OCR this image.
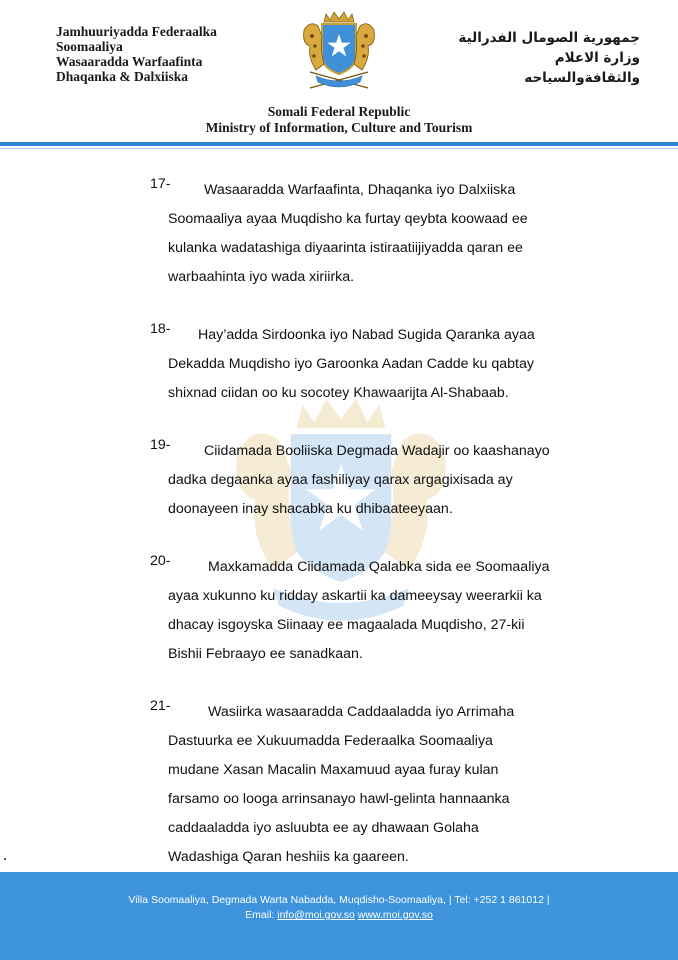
Jamhuuriyadda Federaalka
Soomaaliya
Wasaaradda Warfaafinta
Dhaqanka & Dalxiiska
جمهورية الصومال الفدرالية
وزارة الاعلام
والثقافةوالسياحه
Somali Federal Republic
Ministry of Information, Culture and Tourism
17-	Wasaaradda Warfaafinta, Dhaqanka iyo Dalxiiska
Soomaaliya ayaa Muqdisho ka furtay qeybta koowaad ee
kulanka wadatashiga diyaarinta istiraatiijiyadda qaran ee
warbaahinta iyo wada xiriirka.
18-	Hay’adda Sirdoonka iyo Nabad Sugida Qaranka ayaa
Dekadda Muqdisho iyo Garoonka Aadan Cadde ku qabtay
shixnad ciidan oo ku socotey Khawaarijta Al-Shabaab.
19-	Ciidamada Booliiska Degmada Wadajir oo kaashanayo
dadka degaanka ayaa fashiliyay qarax argagixisada ay
doonayeen inay shacabka ku dhibaateeyaan.
20-	Maxkamadda Ciidamada Qalabka sida ee Soomaaliya
ayaa xukunno ku ridday askartii ka dameeysay weerarkii ka
dhacay isgoyska Siinaay ee magaalada Muqdisho, 27-kii
Bishii Febraayo ee sanadkaan.
21-	Wasiirka wasaaradda Caddaaladda iyo Arrimaha
Dastuurka ee Xukuumadda Federaalka Soomaaliya
mudane Xasan Macalin Maxamuud ayaa furay kulan
farsamo oo looga arrinsanayo hawl-gelinta hannaanka
caddaaladda iyo asluubta ee ay dhawaan Golaha
Wadashiga Qaran heshiis ka gaareen.
Villa Soomaaliya, Degmada Warta Nabadda, Muqdisho-Soomaaliya, | Tel: +252 1 861012 |
Email: info@moi.gov.so www.moi.gov.so
